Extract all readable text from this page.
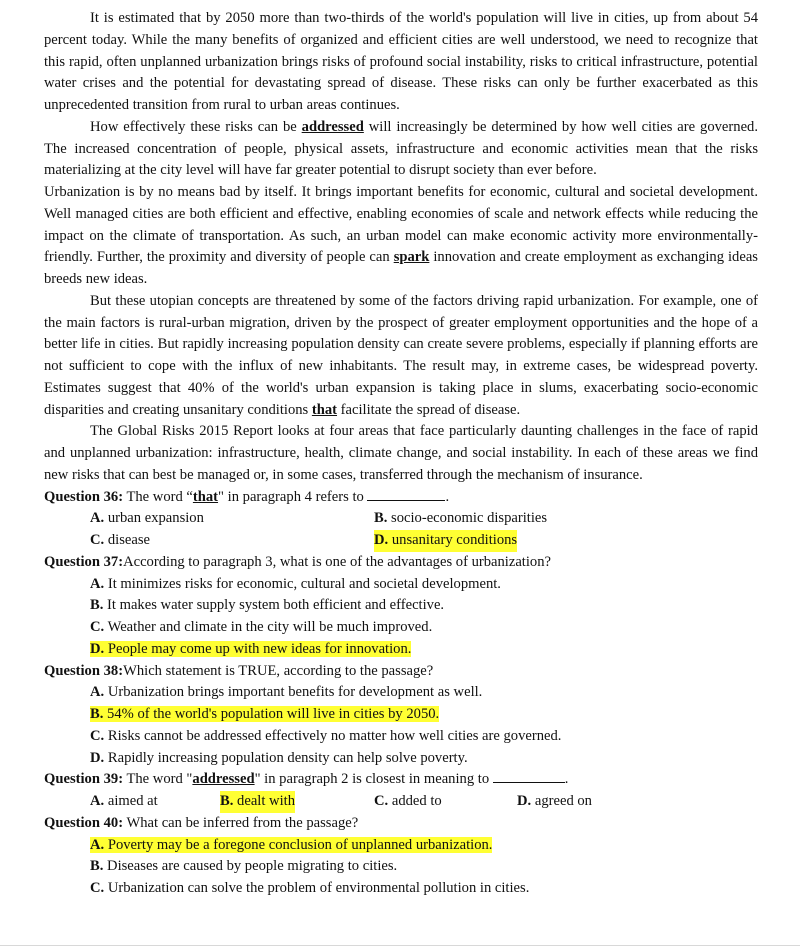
It is estimated that by 2050 more than two-thirds of the world's population will live in cities, up from about 54 percent today. While the many benefits of organized and efficient cities are well understood, we need to recognize that this rapid, often unplanned urbanization brings risks of profound social instability, risks to critical infrastructure, potential water crises and the potential for devastating spread of disease. These risks can only be further exacerbated as this unprecedented transition from rural to urban areas continues.

How effectively these risks can be addressed will increasingly be determined by how well cities are governed. The increased concentration of people, physical assets, infrastructure and economic activities mean that the risks materializing at the city level will have far greater potential to disrupt society than ever before.

Urbanization is by no means bad by itself. It brings important benefits for economic, cultural and societal development. Well managed cities are both efficient and effective, enabling economies of scale and network effects while reducing the impact on the climate of transportation. As such, an urban model can make economic activity more environmentally-friendly. Further, the proximity and diversity of people can spark innovation and create employment as exchanging ideas breeds new ideas.

But these utopian concepts are threatened by some of the factors driving rapid urbanization. For example, one of the main factors is rural-urban migration, driven by the prospect of greater employment opportunities and the hope of a better life in cities. But rapidly increasing population density can create severe problems, especially if planning efforts are not sufficient to cope with the influx of new inhabitants. The result may, in extreme cases, be widespread poverty. Estimates suggest that 40% of the world's urban expansion is taking place in slums, exacerbating socio-economic disparities and creating unsanitary conditions that facilitate the spread of disease.

The Global Risks 2015 Report looks at four areas that face particularly daunting challenges in the face of rapid and unplanned urbanization: infrastructure, health, climate change, and social instability. In each of these areas we find new risks that can best be managed or, in some cases, transferred through the mechanism of insurance.

Question 36: The word “that" in paragraph 4 refers to	.
A. urban expansion	B. socio-economic disparities
C. disease	D. unsanitary conditions
Question 37:According to paragraph 3, what is one of the advantages of urbanization?
A. It minimizes risks for economic, cultural and societal development.
B. It makes water supply system both efficient and effective.
C. Weather and climate in the city will be much improved.
D. People may come up with new ideas for innovation.
Question 38:Which statement is TRUE, according to the passage?
A. Urbanization brings important benefits for development as well.
B. 54% of the world's population will live in cities by 2050.
C. Risks cannot be addressed effectively no matter how well cities are governed.
D. Rapidly increasing population density can help solve poverty.
Question 39: The word "addressed" in paragraph 2 is closest in meaning to	.
A. aimed at	B. dealt with	C. added to	D. agreed on
Question 40: What can be inferred from the passage?
A. Poverty may be a foregone conclusion of unplanned urbanization.
B. Diseases are caused by people migrating to cities.
C. Urbanization can solve the problem of environmental pollution in cities.
